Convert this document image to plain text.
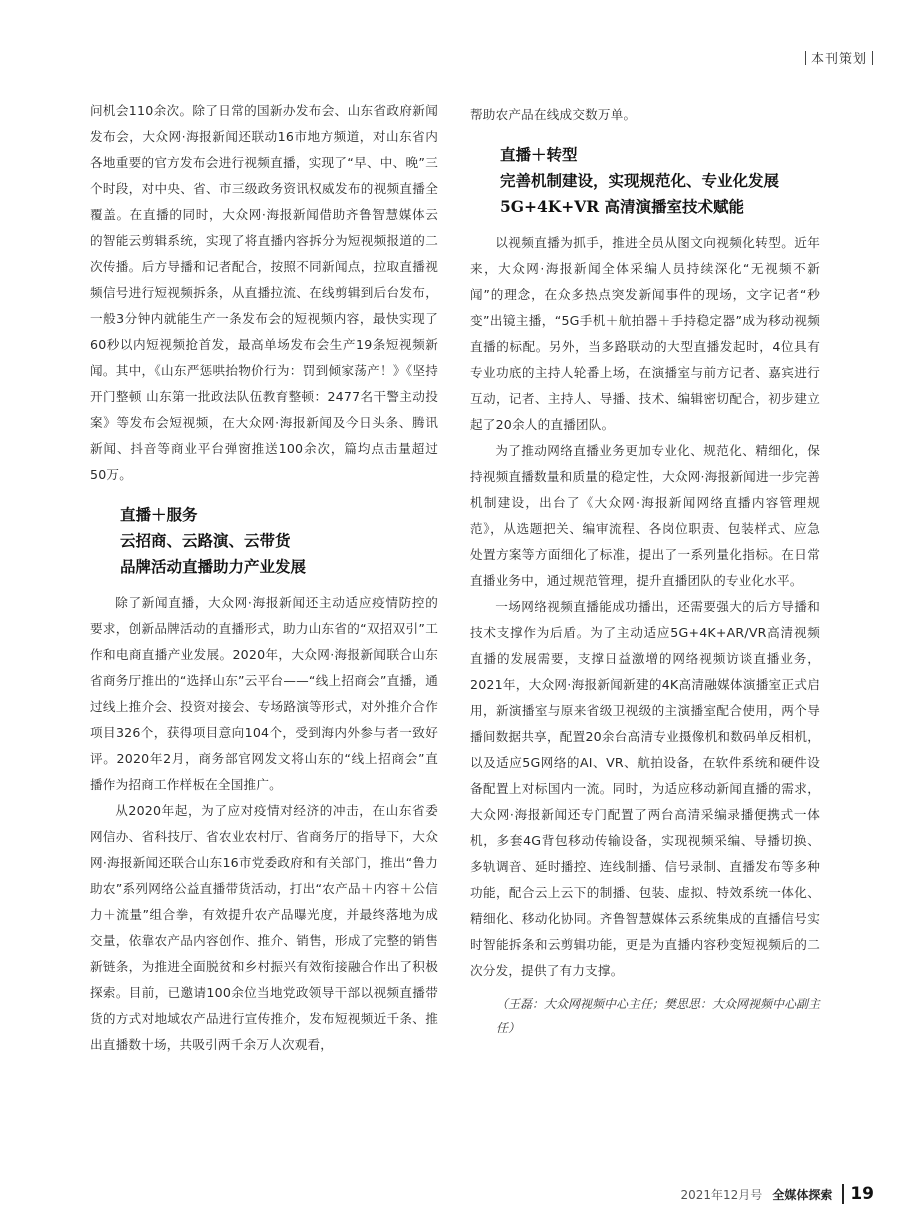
本刊策划

问机会110余次。除了日常的国新办发布会、山东省政府新闻发布会，大众网·海报新闻还联动16市地方频道，对山东省内各地重要的官方发布会进行视频直播，实现了“早、中、晚”三个时段，对中央、省、市三级政务资讯权威发布的视频直播全覆盖。在直播的同时，大众网·海报新闻借助齐鲁智慧媒体云的智能云剪辑系统，实现了将直播内容拆分为短视频报道的二次传播。后方导播和记者配合，按照不同新闻点，拉取直播视频信号进行短视频拆条，从直播拉流、在线剪辑到后台发布，一般3分钟内就能生产一条发布会的短视频内容，最快实现了60秒以内短视频抢首发，最高单场发布会生产19条短视频新闻。其中，《山东严惩哄抬物价行为：罚到倾家荡产！》《坚持开门整顿 山东第一批政法队伍教育整顿：2477名干警主动投案》等发布会短视频，在大众网·海报新闻及今日头条、腾讯新闻、抖音等商业平台弹窗推送100余次，篇均点击量超过50万。

直播＋服务
云招商、云路演、云带货
品牌活动直播助力产业发展

除了新闻直播，大众网·海报新闻还主动适应疫情防控的要求，创新品牌活动的直播形式，助力山东省的“双招双引”工作和电商直播产业发展。2020年，大众网·海报新闻联合山东省商务厅推出的“选择山东”云平台——“线上招商会”直播，通过线上推介会、投资对接会、专场路演等形式，对外推介合作项目326个，获得项目意向104个，受到海内外参与者一致好评。2020年2月，商务部官网发文将山东的“线上招商会”直播作为招商工作样板在全国推广。

从2020年起，为了应对疫情对经济的冲击，在山东省委网信办、省科技厅、省农业农村厅、省商务厅的指导下，大众网·海报新闻还联合山东16市党委政府和有关部门，推出“鲁力助农”系列网络公益直播带货活动，打出“农产品＋内容＋公信力＋流量”组合拳，有效提升农产品曝光度，并最终落地为成交量，依靠农产品内容创作、推介、销售，形成了完整的销售新链条，为推进全面脱贫和乡村振兴有效衔接融合作出了积极探索。目前，已邀请100余位当地党政领导干部以视频直播带货的方式对地域农产品进行宣传推介，发布短视频近千条、推出直播数十场，共吸引两千余万人次观看，

帮助农产品在线成交数万单。

直播＋转型
完善机制建设，实现规范化、专业化发展
5G+4K+VR 高清演播室技术赋能

以视频直播为抓手，推进全员从图文向视频化转型。近年来，大众网·海报新闻全体采编人员持续深化“无视频不新闻”的理念，在众多热点突发新闻事件的现场，文字记者“秒变”出镜主播，“5G手机＋航拍器＋手持稳定器”成为移动视频直播的标配。另外，当多路联动的大型直播发起时，4位具有专业功底的主持人轮番上场，在演播室与前方记者、嘉宾进行互动，记者、主持人、导播、技术、编辑密切配合，初步建立起了20余人的直播团队。

为了推动网络直播业务更加专业化、规范化、精细化，保持视频直播数量和质量的稳定性，大众网·海报新闻进一步完善机制建设，出台了《大众网·海报新闻网络直播内容管理规范》，从选题把关、编审流程、各岗位职责、包装样式、应急处置方案等方面细化了标准，提出了一系列量化指标。在日常直播业务中，通过规范管理，提升直播团队的专业化水平。

一场网络视频直播能成功播出，还需要强大的后方导播和技术支撑作为后盾。为了主动适应5G+4K+AR/VR高清视频直播的发展需要，支撑日益激增的网络视频访谈直播业务，2021年，大众网·海报新闻新建的4K高清融媒体演播室正式启用，新演播室与原来省级卫视级的主演播室配合使用，两个导播间数据共享，配置20余台高清专业摄像机和数码单反相机，以及适应5G网络的AI、VR、航拍设备，在软件系统和硬件设备配置上对标国内一流。同时，为适应移动新闻直播的需求，大众网·海报新闻还专门配置了两台高清采编录播便携式一体机，多套4G背包移动传输设备，实现视频采编、导播切换、多轨调音、延时播控、连线制播、信号录制、直播发布等多种功能，配合云上云下的制播、包装、虚拟、特效系统一体化、精细化、移动化协同。齐鲁智慧媒体云系统集成的直播信号实时智能拆条和云剪辑功能，更是为直播内容秒变短视频后的二次分发，提供了有力支撑。

（王磊：大众网视频中心主任；樊思思：大众网视频中心副主任）
2021年12月号 全媒体探索 19
